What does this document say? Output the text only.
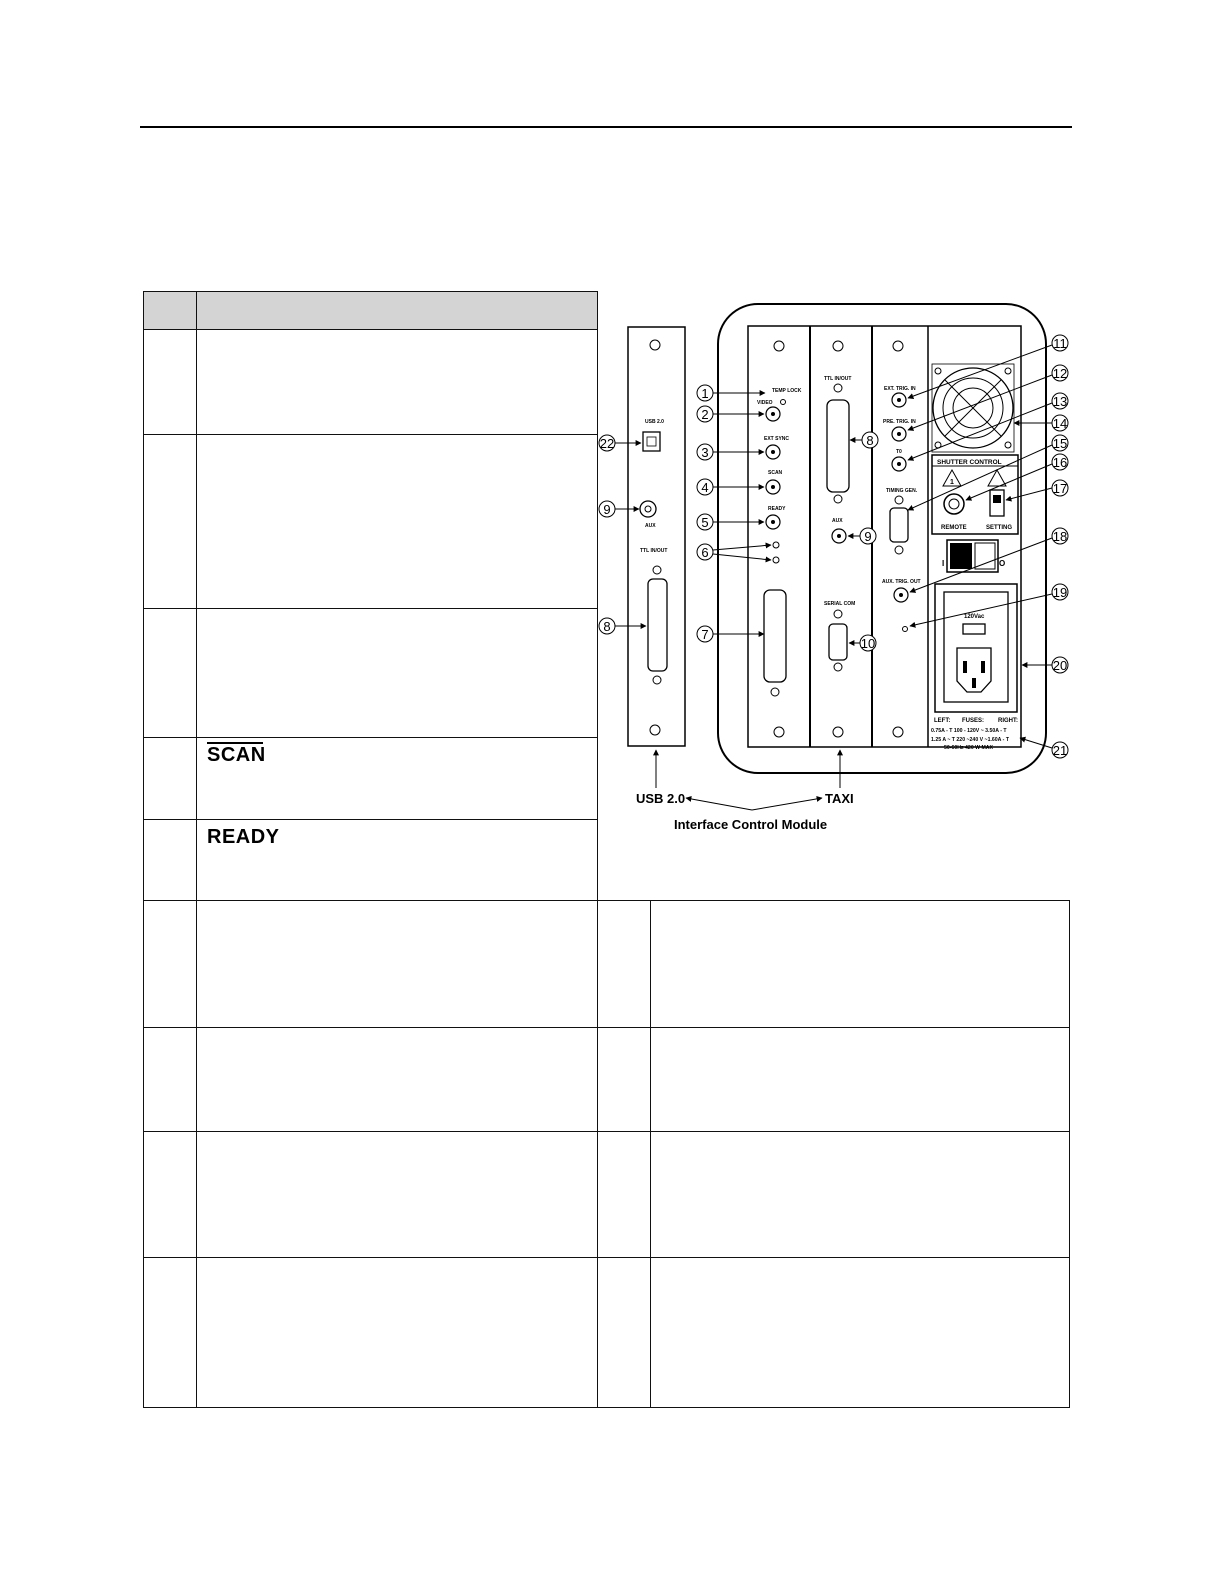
SCAN
READY
USB 2.0
AUX
TTL IN/OUT
TEMP LOCK
VIDEO
EXT SYNC
SCAN
READY
TTL IN/OUT
AUX
SERIAL COM
EXT. TRIG. IN
PRE. TRIG. IN
T0
TIMING GEN.
AUX. TRIG. OUT
SHUTTER CONTROL
1
REMOTE	SETTING
I	O
120Vac
LEFT: FUSES: RIGHT:
0.75A - T 100 - 120V ~ 3.50A - T
1.25 A ~ T 220 ~240 V ~1.60A - T
50-60Hz 420 W MAX
1
2
3
4
5
6
7
8
8
9
9
10
11
12
13
14
15
16
17
18
19
20
21
22
USB 2.0	TAXI
Interface Control Module
